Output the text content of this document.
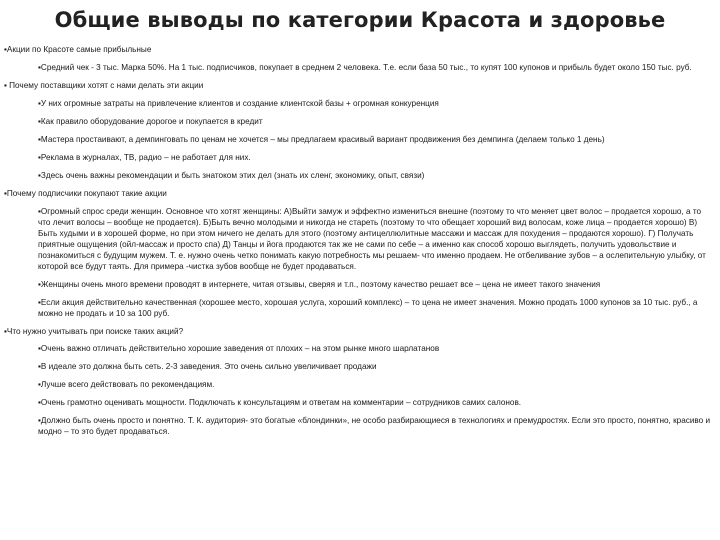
Общие выводы по категории Красота и здоровье
▪Акции по Красоте самые прибыльные
▪Средний чек - 3 тыс. Марка 50%. На 1 тыс. подписчиков, покупает в среднем 2 человека. Т.е. если база 50 тыс., то купят 100 купонов и прибыль будет около 150 тыс. руб.
▪ Почему поставщики хотят с нами делать эти акции
▪У них огромные затраты на привлечение клиентов и создание клиентской базы + огромная конкуренция
▪Как правило оборудование дорогое и покупается в кредит
▪Мастера простаивают, а демпинговать по ценам не хочется – мы предлагаем красивый вариант продвижения без демпинга (делаем только 1 день)
▪Реклама в журналах, ТВ, радио – не работает для них.
▪Здесь очень важны рекомендации и быть знатоком этих дел (знать их сленг, экономику, опыт, связи)
▪Почему подписчики покупают такие акции
▪Огромный спрос среди женщин. Основное что хотят женщины: А)Выйти замуж и эффектно измениться внешне (поэтому то что меняет цвет волос – продается хорошо, а то что лечит волосы – вообще не продается). Б)Быть вечно молодыми и никогда не стареть (поэтому то что обещает хороший вид волосам, коже лица – продается хорошо) В) Быть худыми и в хорошей форме, но при этом ничего не делать для этого (поэтому антицеллюлитные массажи и массаж для похудения – продаются хорошо). Г) Получать приятные ощущения (ойл-массаж и просто спа) Д) Танцы и йога продаются так же не сами по себе – а именно как способ хорошо выглядеть, получить удовольствие и познакомиться с будущим мужем. Т. е. нужно очень четко понимать какую потребность мы решаем- что именно продаем. Не отбеливание зубов – а ослепительную улыбку, от которой все будут таять. Для примера -чистка зубов вообще не будет продаваться.
▪Женщины очень много времени проводят в интернете, читая отзывы, сверяя и т.п., поэтому качество решает все – цена не имеет такого значения
▪Если акция действительно качественная (хорошее место, хорошая услуга, хороший комплекс) – то цена не имеет значения. Можно продать 1000 купонов за 10 тыс. руб., а можно не продать и 10 за 100 руб.
▪Что нужно учитывать при поиске таких акций?
▪Очень важно отличать действительно хорошие заведения от плохих – на этом рынке много шарлатанов
▪В идеале это должна быть сеть. 2-3 заведения. Это очень сильно увеличивает продажи
▪Лучше всего действовать по рекомендациям.
▪Очень грамотно оценивать мощности. Подключать к консультациям и ответам на комментарии – сотрудников самих салонов.
▪Должно быть очень просто и понятно. Т. К. аудитория- это богатые «блондинки», не особо разбирающиеся в технологиях и премудростях. Если это просто, понятно, красиво и модно – то это будет продаваться.
